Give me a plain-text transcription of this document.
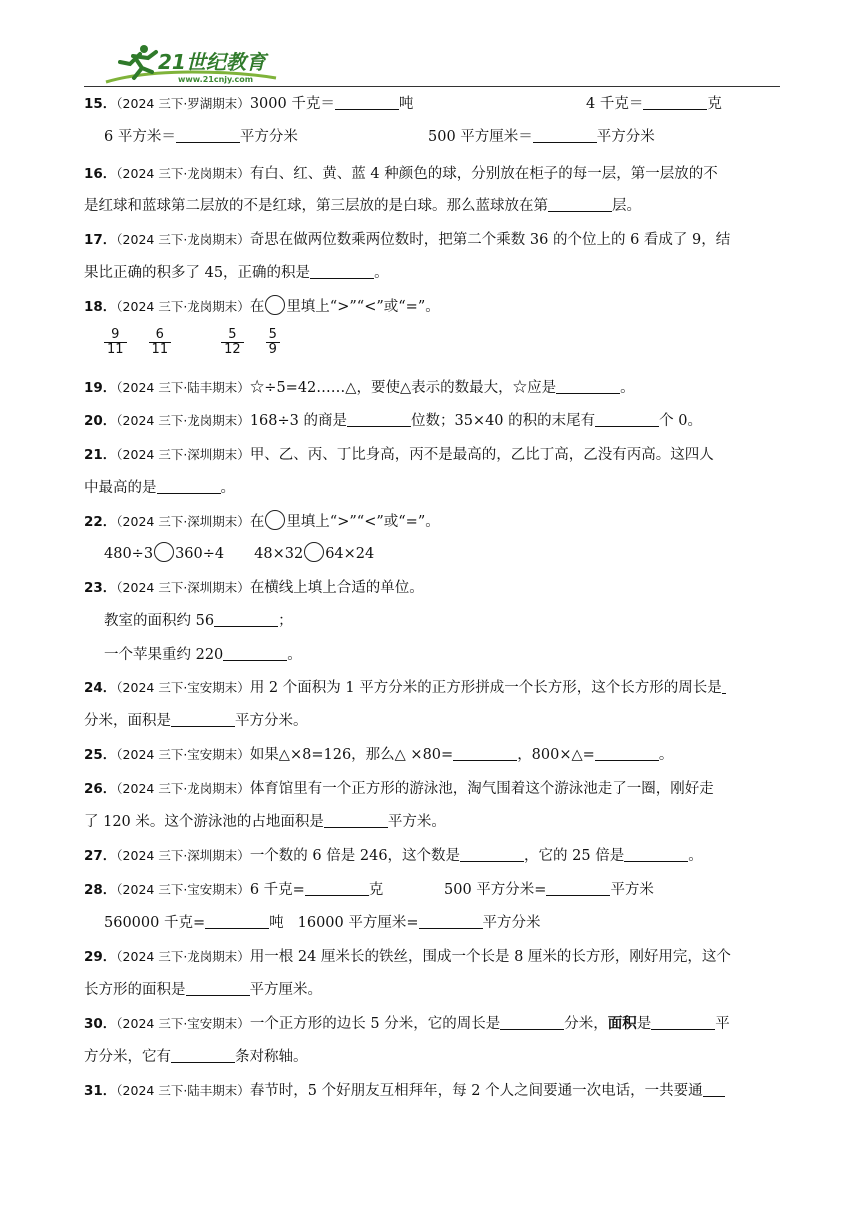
21世纪教育
www.21cnjy.com
15．（2024 三下·罗湖期末）3000 千克＝	吨	4 千克＝	克
6 平方米＝	平方分米	500 平方厘米＝	平方分米
16．（2024 三下·龙岗期末）有白、红、黄、蓝 4 种颜色的球，分别放在柜子的每一层，第一层放的不
是红球和蓝球第二层放的不是红球，第三层放的是白球。那么蓝球放在第	层。
17．（2024 三下·龙岗期末）奇思在做两位数乘两位数时，把第二个乘数 36 的个位上的 6 看成了 9，结
果比正确的积多了 45，正确的积是	。
18．（2024 三下·龙岗期末）在 里填上“>”“<”或“=”。
$\frac{9}{11} \frac{6}{11}$	$\frac{5}{12} \frac{5}{9}$
19．（2024 三下·陆丰期末）☆÷5=42……△，要使△表示的数最大，☆应是	。
20．（2024 三下·龙岗期末）168÷3 的商是	位数；35×40 的积的末尾有	个 0。
21．（2024 三下·深圳期末）甲、乙、丙、丁比身高，丙不是最高的，乙比丁高，乙没有丙高。这四人
中最高的是	。
22．（2024 三下·深圳期末）在 里填上“>”“<”或“=”。
480÷3 360÷4 48×32 64×24
23．（2024 三下·深圳期末）在横线上填上合适的单位。
教室的面积约 56	；
一个苹果重约 220	。
24．（2024 三下·宝安期末）用 2 个面积为 1 平方分米的正方形拼成一个长方形，这个长方形的周长是
分米，面积是	平方分米。
25．（2024 三下·宝安期末）如果△×8=126，那么△ ×80=	，800×△=	。
26．（2024 三下·龙岗期末）体育馆里有一个正方形的游泳池，淘气围着这个游泳池走了一圈，刚好走
了 120 米。这个游泳池的占地面积是	平方米。
27．（2024 三下·深圳期末）一个数的 6 倍是 246，这个数是	，它的 25 倍是	。
28．（2024 三下·宝安期末）6 千克=	克	500 平方分米=	平方米
560000 千克=	吨 16000 平方厘米=	平方分米
29．（2024 三下·龙岗期末）用一根 24 厘米长的铁丝，围成一个长是 8 厘米的长方形，刚好用完，这个
长方形的面积是	平方厘米。
30．（2024 三下·宝安期末）一个正方形的边长 5 分米，它的周长是	分米，面积是	平
方分米，它有	条对称轴。
31．（2024 三下·陆丰期末）春节时，5 个好朋友互相拜年，每 2 个人之间要通一次电话，一共要通
